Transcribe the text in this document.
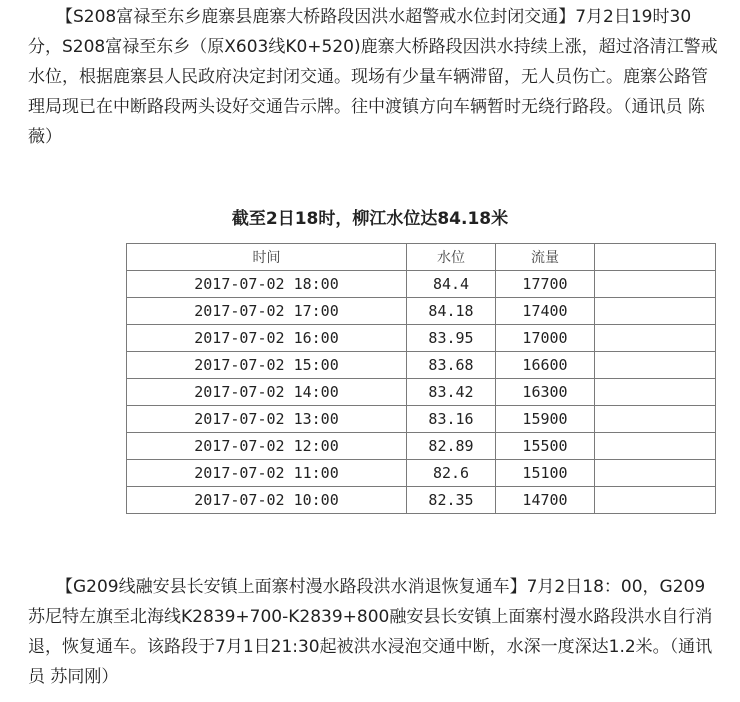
【S208富禄至东乡鹿寨县鹿寨大桥路段因洪水超警戒水位封闭交通】7月2日19时30分，S208富禄至东乡（原X603线K0+520)鹿寨大桥路段因洪水持续上涨，超过洛清江警戒水位，根据鹿寨县人民政府决定封闭交通。现场有少量车辆滞留，无人员伤亡。鹿寨公路管理局现已在中断路段两头设好交通告示牌。往中渡镇方向车辆暂时无绕行路段。（通讯员 陈薇）

截至2日18时，柳江水位达84.18米

时间	水位	流量	
2017-07-02 18:00	84.4	17700	
2017-07-02 17:00	84.18	17400	
2017-07-02 16:00	83.95	17000	
2017-07-02 15:00	83.68	16600	
2017-07-02 14:00	83.42	16300	
2017-07-02 13:00	83.16	15900	
2017-07-02 12:00	82.89	15500	
2017-07-02 11:00	82.6	15100	
2017-07-02 10:00	82.35	14700	

【G209线融安县长安镇上面寨村漫水路段洪水消退恢复通车】7月2日18：00，G209苏尼特左旗至北海线K2839+700-K2839+800融安县长安镇上面寨村漫水路段洪水自行消退，恢复通车。该路段于7月1日21:30起被洪水浸泡交通中断，水深一度深达1.2米。（通讯员 苏同刚）
